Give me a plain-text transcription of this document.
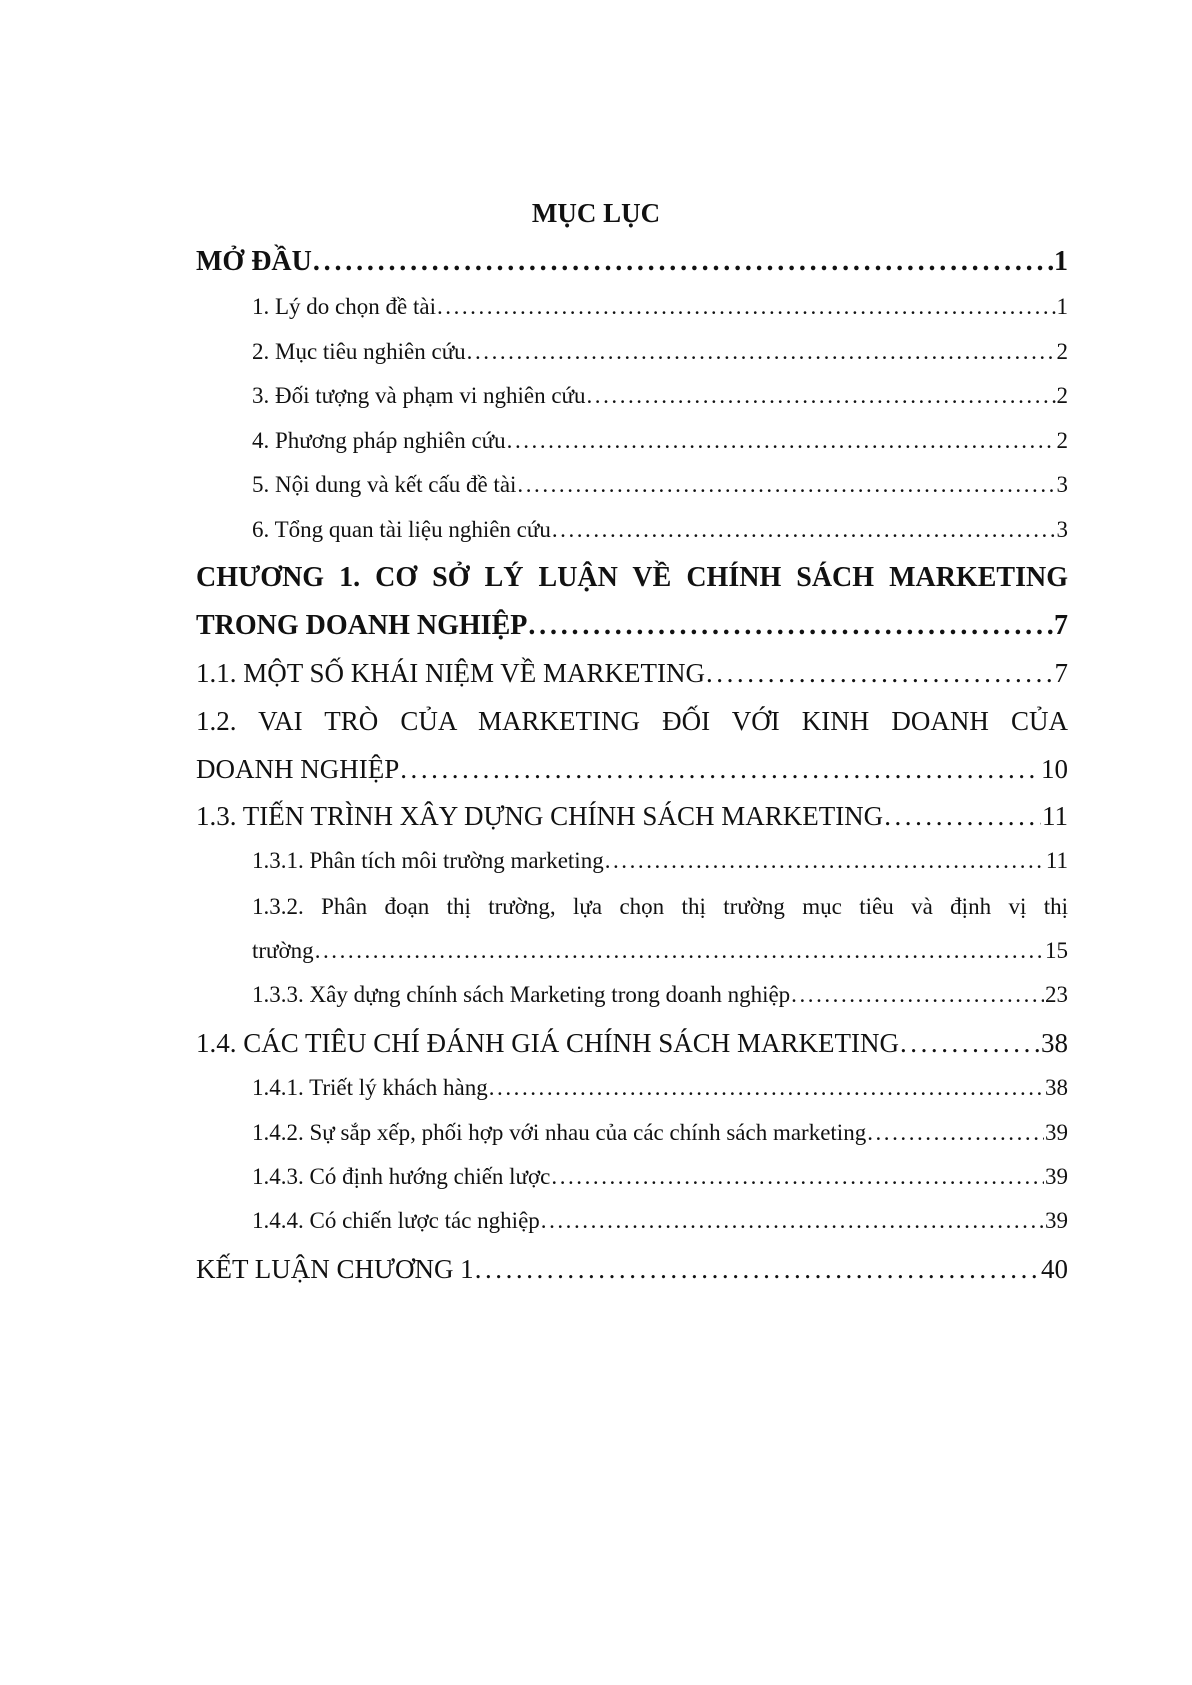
MỤC LỤC
MỞ ĐẦU . . .	1
1. Lý do chọn đề tài . . .	1
2. Mục tiêu nghiên cứu . . .	2
3. Đối tượng và phạm vi nghiên cứu . . .	2
4. Phương pháp nghiên cứu . . .	2
5. Nội dung và kết cấu đề tài . . .	3
6. Tổng quan tài liệu nghiên cứu . . .	3
CHƯƠNG 1. CƠ SỞ LÝ LUẬN VỀ CHÍNH SÁCH MARKETING
TRONG DOANH NGHIỆP . . .	7
1.1. MỘT SỐ KHÁI NIỆM VỀ MARKETING . . .	7
1.2. VAI TRÒ CỦA MARKETING ĐỐI VỚI KINH DOANH CỦA
DOANH NGHIỆP . . .	10
1.3. TIẾN TRÌNH XÂY DỰNG CHÍNH SÁCH MARKETING . . .	11
1.3.1. Phân tích môi trường marketing . . .	11
1.3.2. Phân đoạn thị trường, lựa chọn thị trường mục tiêu và định vị thị
trường . . .	15
1.3.3. Xây dựng chính sách Marketing trong doanh nghiệp . . .	23
1.4. CÁC TIÊU CHÍ ĐÁNH GIÁ CHÍNH SÁCH MARKETING . . .	38
1.4.1. Triết lý khách hàng . . .	38
1.4.2. Sự sắp xếp, phối hợp với nhau của các chính sách marketing . . .	39
1.4.3. Có định hướng chiến lược . . .	39
1.4.4. Có chiến lược tác nghiệp . . .	39
KẾT LUẬN CHƯƠNG 1 . . .	40
